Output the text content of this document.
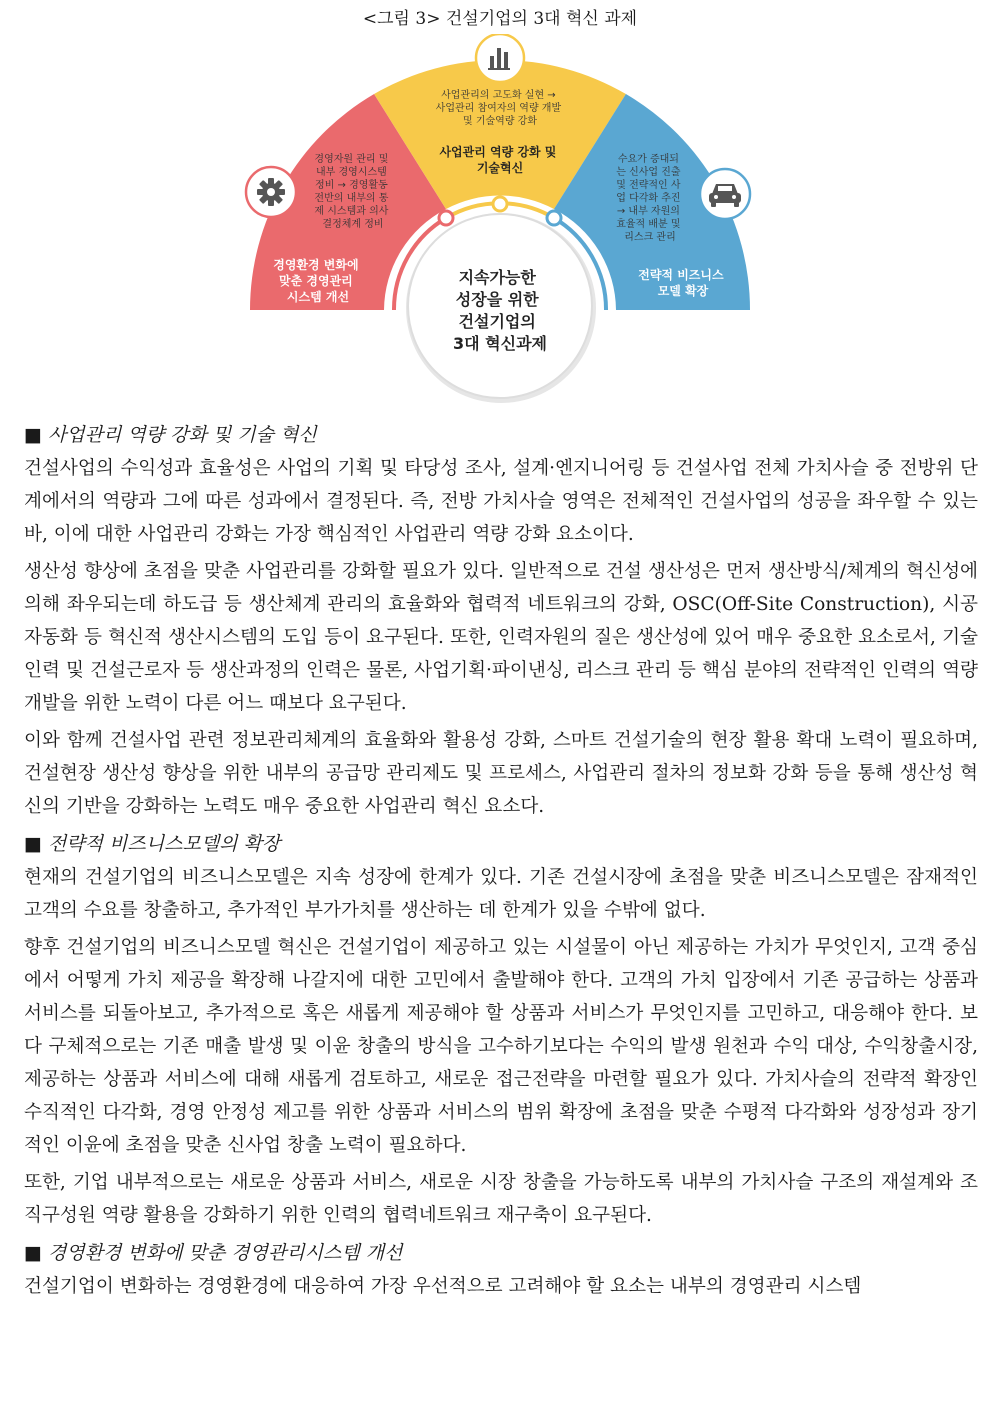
<그림 3> 건설기업의 3대 혁신 과제
지속가능한 성장을 위한 건설기업의 3대 혁신과제
경영자원 관리 및 내부 경영시스템 정비 → 경영활동 전반의 내부의 통 제 시스템과 의사 결정체계 정비
경영환경 변화에 맞춘 경영관리 시스템 개선
사업관리의 고도화 실현 → 사업관리 참여자의 역량 개발 및 기술역량 강화
사업관리 역량 강화 및 기술혁신
수요가 증대되 는 신사업 진출 및 전략적인 사 업 다각화 추진 → 내부 자원의 효율적 배분 및 리스크 관리
전략적 비즈니스 모델 확장
■ 사업관리 역량 강화 및 기술 혁신

건설사업의 수익성과 효율성은 사업의 기획 및 타당성 조사, 설계·엔지니어링 등 건설사업 전체 가치사슬 중 전방위 단계에서의 역량과 그에 따른 성과에서 결정된다. 즉, 전방 가치사슬 영역은 전체적인 건설사업의 성공을 좌우할 수 있는바, 이에 대한 사업관리 강화는 가장 핵심적인 사업관리 역량 강화 요소이다.

생산성 향상에 초점을 맞춘 사업관리를 강화할 필요가 있다. 일반적으로 건설 생산성은 먼저 생산방식/체계의 혁신성에 의해 좌우되는데 하도급 등 생산체계 관리의 효율화와 협력적 네트워크의 강화, OSC(Off-Site Construction), 시공자동화 등 혁신적 생산시스템의 도입 등이 요구된다. 또한, 인력자원의 질은 생산성에 있어 매우 중요한 요소로서, 기술인력 및 건설근로자 등 생산과정의 인력은 물론, 사업기획·파이낸싱, 리스크 관리 등 핵심 분야의 전략적인 인력의 역량 개발을 위한 노력이 다른 어느 때보다 요구된다.

이와 함께 건설사업 관련 정보관리체계의 효율화와 활용성 강화, 스마트 건설기술의 현장 활용 확대 노력이 필요하며, 건설현장 생산성 향상을 위한 내부의 공급망 관리제도 및 프로세스, 사업관리 절차의 정보화 강화 등을 통해 생산성 혁신의 기반을 강화하는 노력도 매우 중요한 사업관리 혁신 요소다.

■ 전략적 비즈니스모델의 확장

현재의 건설기업의 비즈니스모델은 지속 성장에 한계가 있다. 기존 건설시장에 초점을 맞춘 비즈니스모델은 잠재적인 고객의 수요를 창출하고, 추가적인 부가가치를 생산하는 데 한계가 있을 수밖에 없다.

향후 건설기업의 비즈니스모델 혁신은 건설기업이 제공하고 있는 시설물이 아닌 제공하는 가치가 무엇인지, 고객 중심에서 어떻게 가치 제공을 확장해 나갈지에 대한 고민에서 출발해야 한다. 고객의 가치 입장에서 기존 공급하는 상품과 서비스를 되돌아보고, 추가적으로 혹은 새롭게 제공해야 할 상품과 서비스가 무엇인지를 고민하고, 대응해야 한다. 보다 구체적으로는 기존 매출 발생 및 이윤 창출의 방식을 고수하기보다는 수익의 발생 원천과 수익 대상, 수익창출시장, 제공하는 상품과 서비스에 대해 새롭게 검토하고, 새로운 접근전략을 마련할 필요가 있다. 가치사슬의 전략적 확장인 수직적인 다각화, 경영 안정성 제고를 위한 상품과 서비스의 범위 확장에 초점을 맞춘 수평적 다각화와 성장성과 장기적인 이윤에 초점을 맞춘 신사업 창출 노력이 필요하다.

또한, 기업 내부적으로는 새로운 상품과 서비스, 새로운 시장 창출을 가능하도록 내부의 가치사슬 구조의 재설계와 조직구성원 역량 활용을 강화하기 위한 인력의 협력네트워크 재구축이 요구된다.

■ 경영환경 변화에 맞춘 경영관리시스템 개선

건설기업이 변화하는 경영환경에 대응하여 가장 우선적으로 고려해야 할 요소는 내부의 경영관리 시스템
